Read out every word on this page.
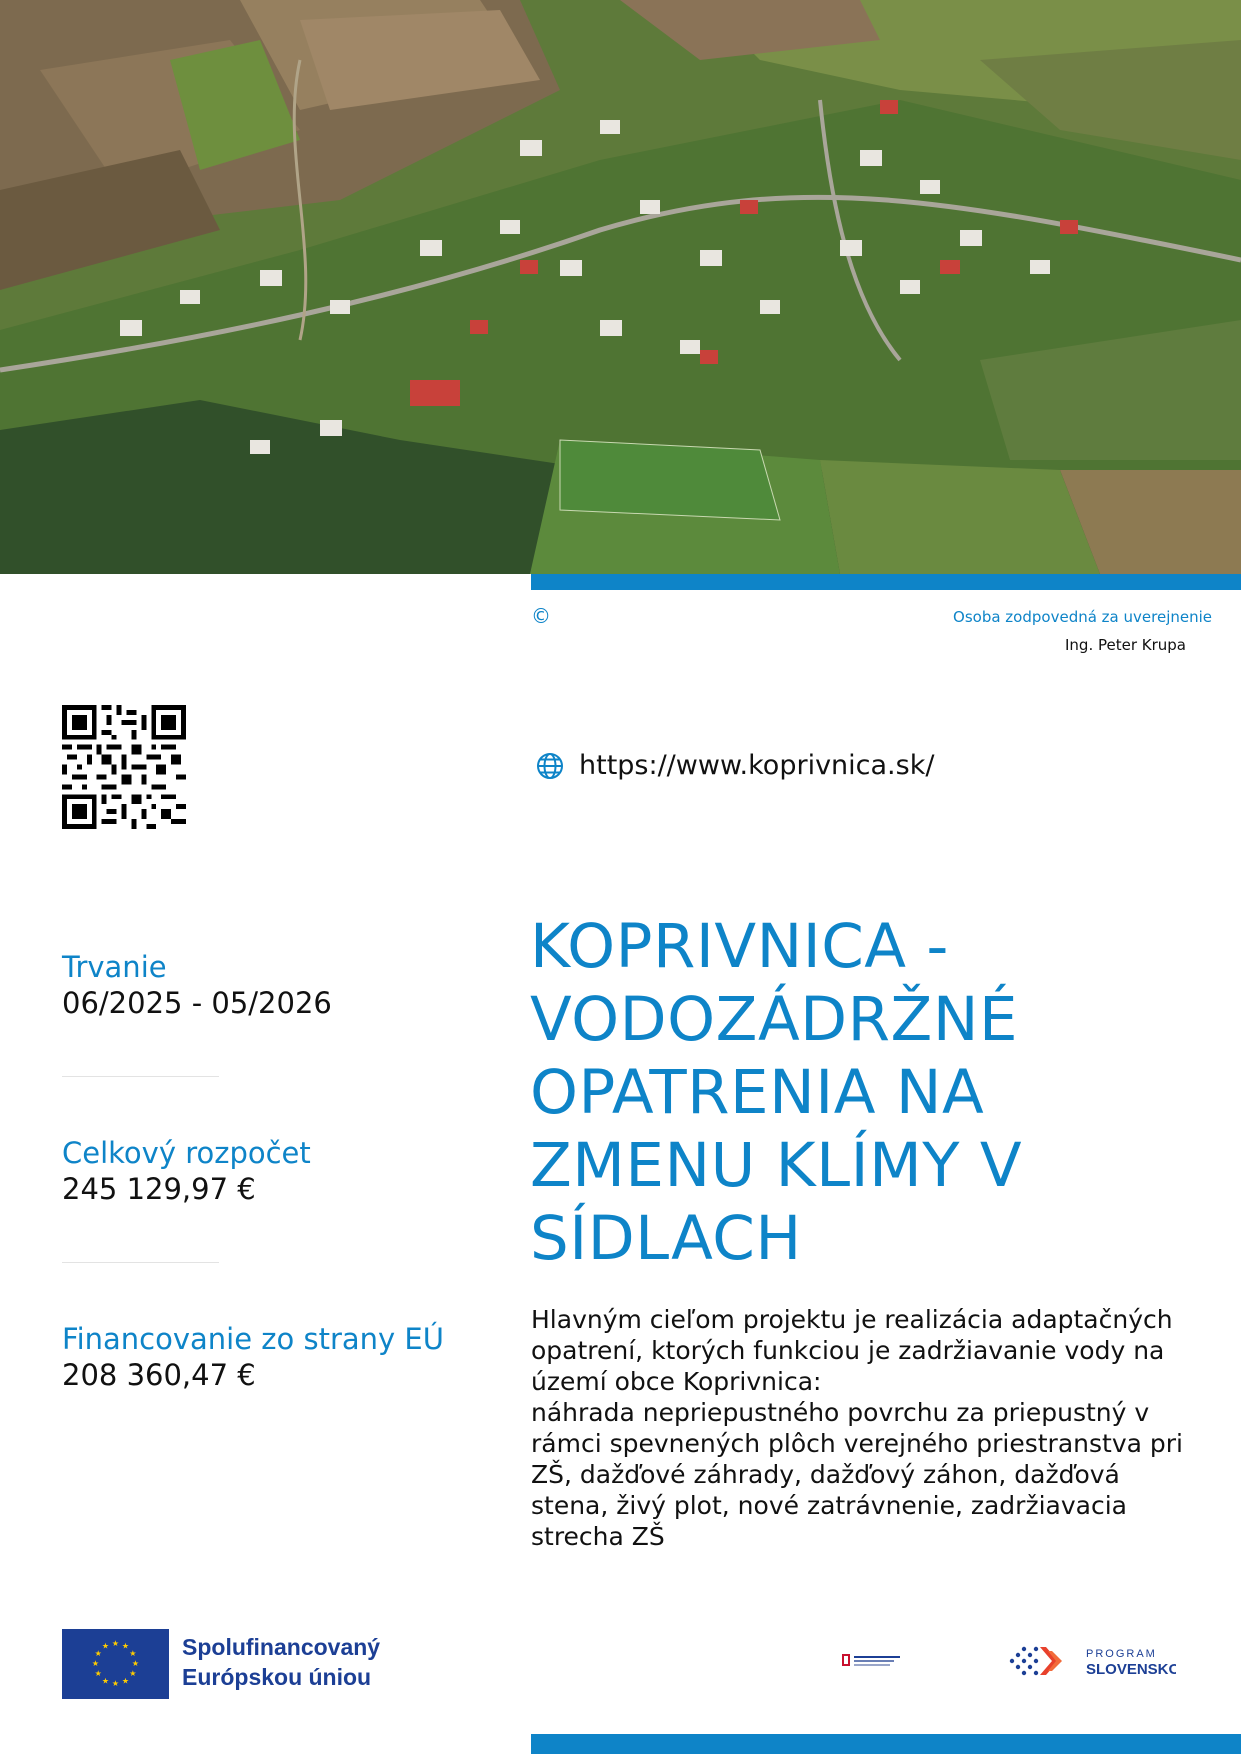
©	Osoba zodpovedná za uverejnenie
Ing. Peter Krupa
https://www.koprivnica.sk/
Trvanie
06/2025 - 05/2026
Celkový rozpočet
245 129,97 €
Financovanie zo strany EÚ
208 360,47 €
KOPRIVNICA - VODOZÁDRŽNÉ OPATRENIA NA ZMENU KLÍMY V SÍDLACH
Hlavným cieľom projektu je realizácia adaptačných opatrení, ktorých funkciou je zadržiavanie vody na území obce Koprivnica:
náhrada nepriepustného povrchu za priepustný v rámci spevnených plôch verejného priestranstva pri ZŠ, dažďové záhrady, dažďový záhon, dažďová stena, živý plot, nové zatrávnenie, zadržiavacia strecha ZŠ
★ ★
★
★
★
★
★
★
★
★
★
★	Spolufinancovaný
Európskou úniou
PROGRAM
SLOVENSKO
